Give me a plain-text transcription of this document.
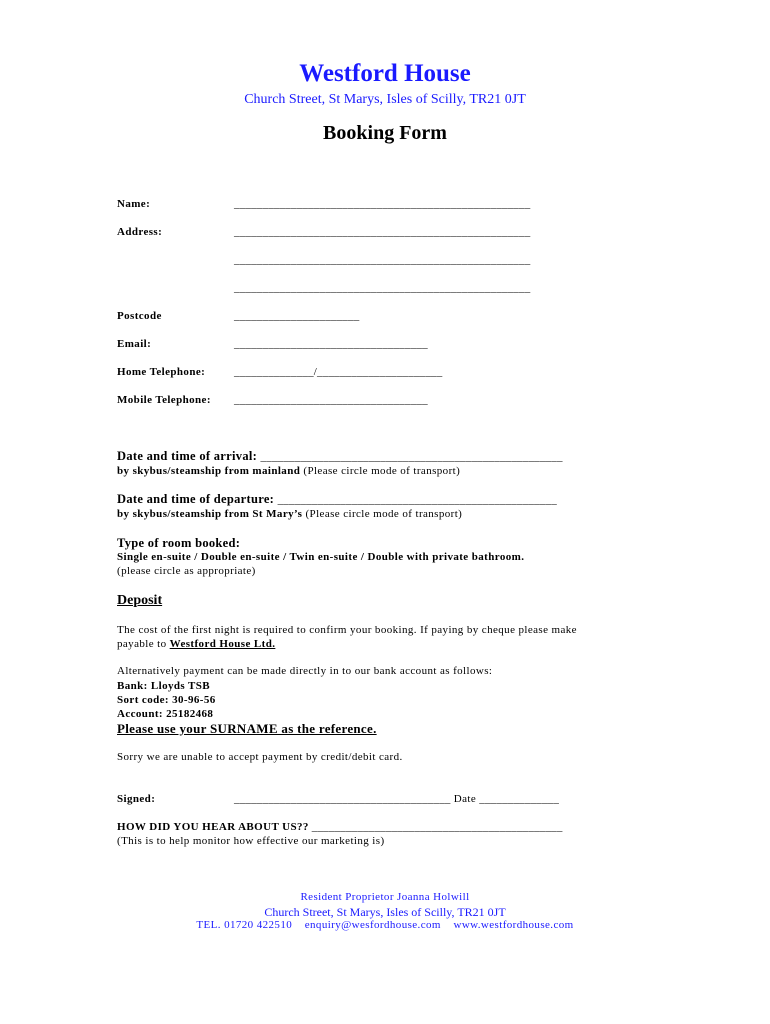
Westford House
Church Street, St Marys, Isles of Scilly, TR21 0JT
Booking Form
Name:	____________________________________________________
Address:	____________________________________________________
____________________________________________________
____________________________________________________
Postcode	______________________
Email:	__________________________________
Home Telephone:	______________/______________________
Mobile Telephone: __________________________________
Date and time of arrival: _____________________________________________________
by skybus/steamship from mainland (Please circle mode of transport)
Date and time of departure: _________________________________________________
by skybus/steamship from St Mary’s (Please circle mode of transport)
Type of room booked:
Single en-suite / Double en-suite / Twin en-suite / Double with private bathroom.
(please circle as appropriate)
Deposit
The cost of the first night is required to confirm your booking. If paying by cheque please make
payable to Westford House Ltd.
Alternatively payment can be made directly in to our bank account as follows:
Bank: Lloyds TSB
Sort code: 30-96-56
Account: 25182468
Please use your SURNAME as the reference.
Sorry we are unable to accept payment by credit/debit card.
Signed:	______________________________________ Date ______________
HOW DID YOU HEAR ABOUT US?? ____________________________________________
(This is to help monitor how effective our marketing is)
Resident Proprietor Joanna Holwill
Church Street, St Marys, Isles of Scilly, TR21 0JT
TEL. 01720 422510 enquiry@wesfordhouse.com www.westfordhouse.com
